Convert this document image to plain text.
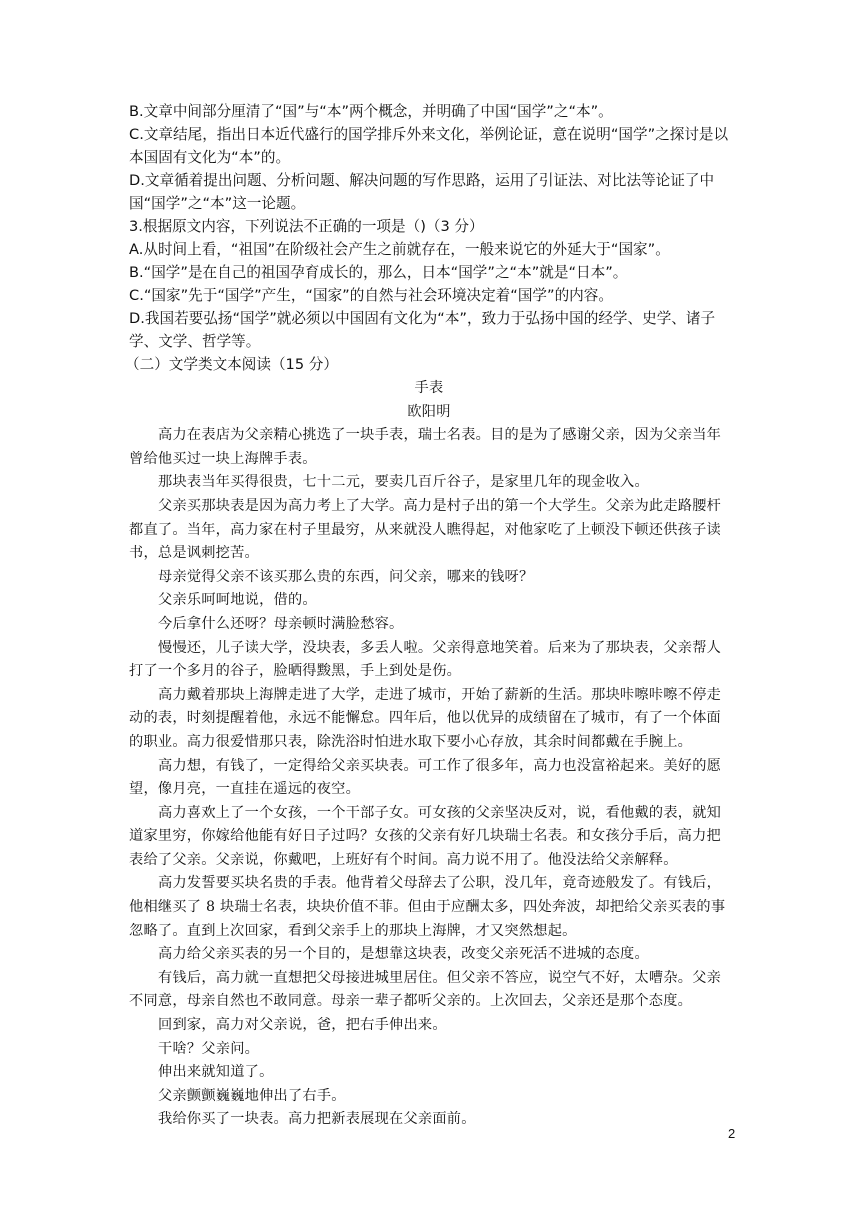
B.文章中间部分厘清了“国”与“本”两个概念，并明确了中国“国学”之“本”。

C.文章结尾，指出日本近代盛行的国学排斥外来文化，举例论证，意在说明“国学”之探讨是以本国固有文化为“本”的。

D.文章循着提出问题、分析问题、解决问题的写作思路，运用了引证法、对比法等论证了中国“国学”之“本”这一论题。

3.根据原文内容，下列说法不正确的一项是（)（3 分）

A.从时间上看，“祖国”在阶级社会产生之前就存在，一般来说它的外延大于“国家”。

B.“国学”是在自己的祖国孕育成长的，那么，日本“国学”之“本”就是“日本”。

C.“国家”先于“国学”产生，“国家”的自然与社会环境决定着“国学”的内容。

D.我国若要弘扬“国学”就必须以中国固有文化为“本”，致力于弘扬中国的经学、史学、诸子学、文学、哲学等。

（二）文学类文本阅读（15 分）

手表

欧阳明

高力在表店为父亲精心挑选了一块手表，瑞士名表。目的是为了感谢父亲，因为父亲当年曾给他买过一块上海牌手表。

那块表当年买得很贵，七十二元，要卖几百斤谷子，是家里几年的现金收入。

父亲买那块表是因为高力考上了大学。高力是村子出的第一个大学生。父亲为此走路腰杆都直了。当年，高力家在村子里最穷，从来就没人瞧得起，对他家吃了上顿没下顿还供孩子读书，总是讽刺挖苦。

母亲觉得父亲不该买那么贵的东西，问父亲，哪来的钱呀？

父亲乐呵呵地说，借的。

今后拿什么还呀？母亲顿时满脸愁容。

慢慢还，儿子读大学，没块表，多丢人啦。父亲得意地笑着。后来为了那块表，父亲帮人打了一个多月的谷子，脸晒得黢黑，手上到处是伤。

高力戴着那块上海牌走进了大学，走进了城市，开始了薪新的生活。那块咔嚓咔嚓不停走动的表，时刻提醒着他，永远不能懈怠。四年后，他以优异的成绩留在了城市，有了一个体面的职业。高力很爱惜那只表，除洗浴时怕进水取下要小心存放，其余时间都戴在手腕上。

高力想，有钱了，一定得给父亲买块表。可工作了很多年，高力也没富裕起来。美好的愿望，像月亮，一直挂在遥远的夜空。

高力喜欢上了一个女孩，一个干部子女。可女孩的父亲坚决反对，说，看他戴的表，就知道家里穷，你嫁给他能有好日子过吗？女孩的父亲有好几块瑞士名表。和女孩分手后，高力把表给了父亲。父亲说，你戴吧，上班好有个时间。高力说不用了。他没法给父亲解释。

高力发誓要买块名贵的手表。他背着父母辞去了公职，没几年，竟奇迹般发了。有钱后，他相继买了 8 块瑞士名表，块块价值不菲。但由于应酬太多，四处奔波，却把给父亲买表的事忽略了。直到上次回家，看到父亲手上的那块上海牌，才又突然想起。

高力给父亲买表的另一个目的，是想靠这块表，改变父亲死活不进城的态度。

有钱后，高力就一直想把父母接进城里居住。但父亲不答应，说空气不好，太嘈杂。父亲不同意，母亲自然也不敢同意。母亲一辈子都听父亲的。上次回去，父亲还是那个态度。

回到家，高力对父亲说，爸，把右手伸出来。

干啥？父亲问。

伸出来就知道了。

父亲颤颤巍巍地伸出了右手。

我给你买了一块表。高力把新表展现在父亲面前。

2
